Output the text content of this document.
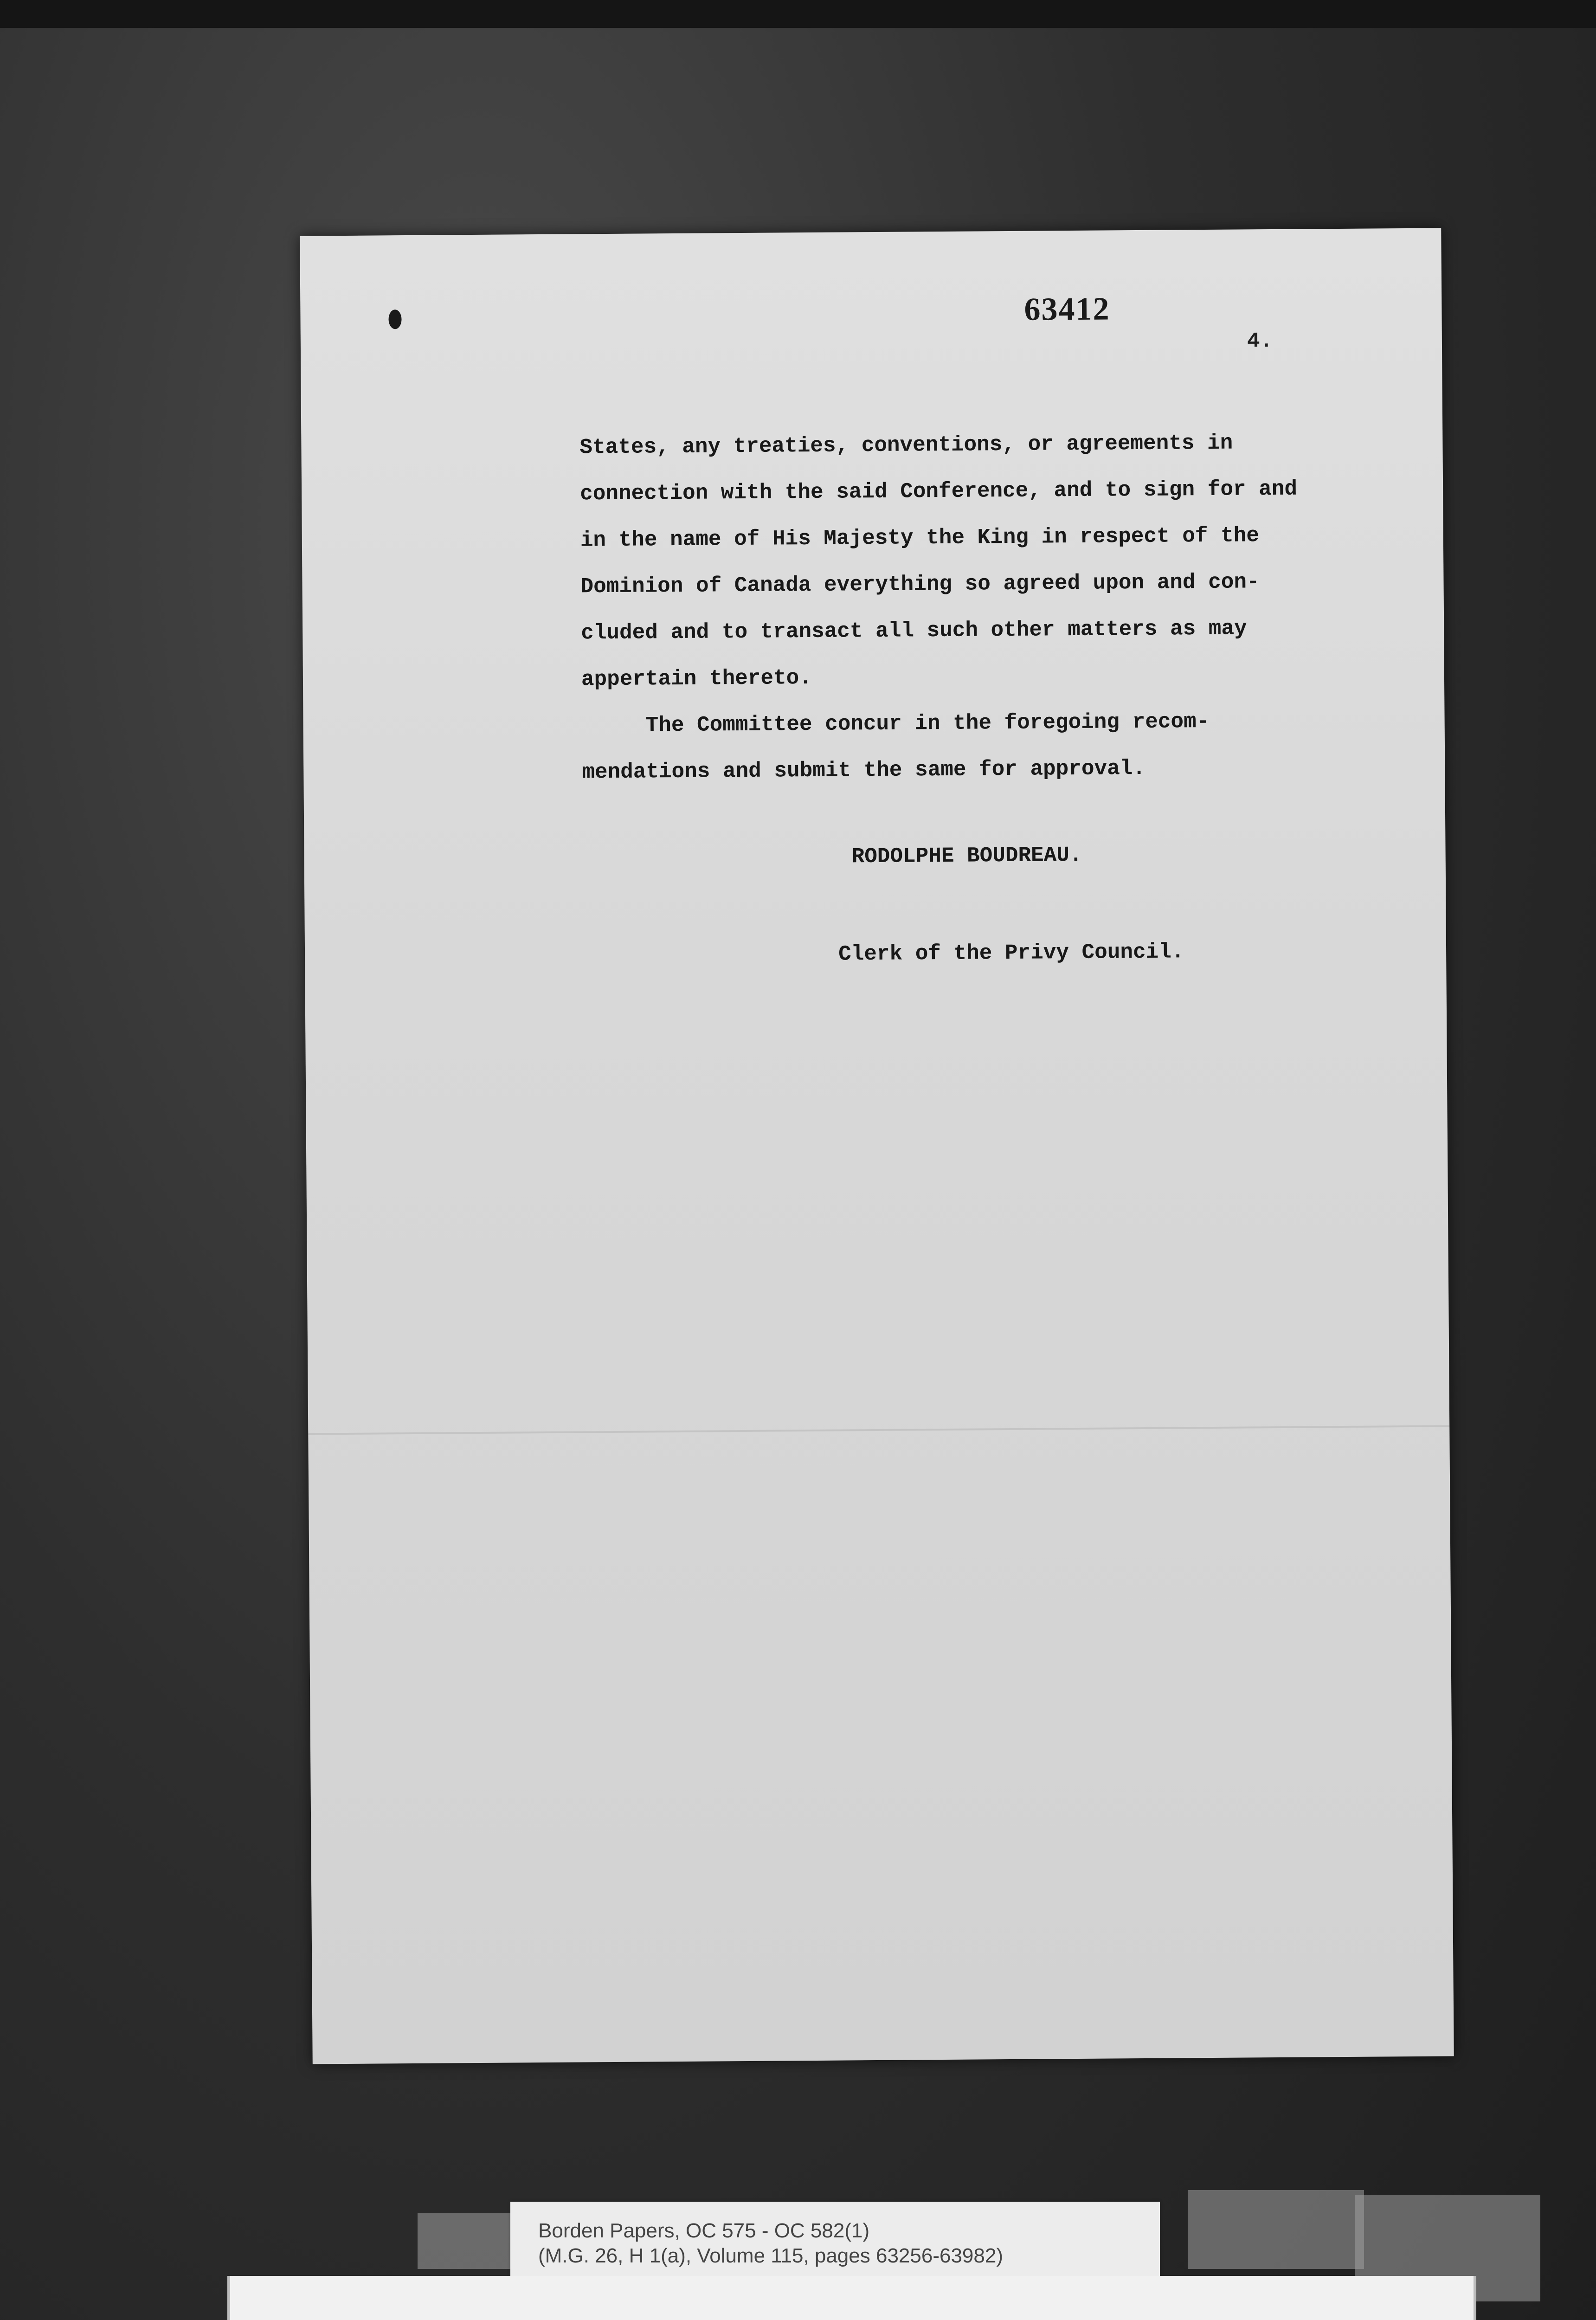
63412
4.
States, any treaties, conventions, or agreements in
connection with the said Conference, and to sign for and
in the name of His Majesty the King in respect of the
Dominion of Canada everything so agreed upon and con-
cluded and to transact all such other matters as may
appertain thereto.
The Committee concur in the foregoing recom-
mendations and submit the same for approval.
RODOLPHE BOUDREAU.
Clerk of the Privy Council.
Borden Papers, OC 575 - OC 582(1)
(M.G. 26, H 1(a), Volume 115, pages 63256-63982)
